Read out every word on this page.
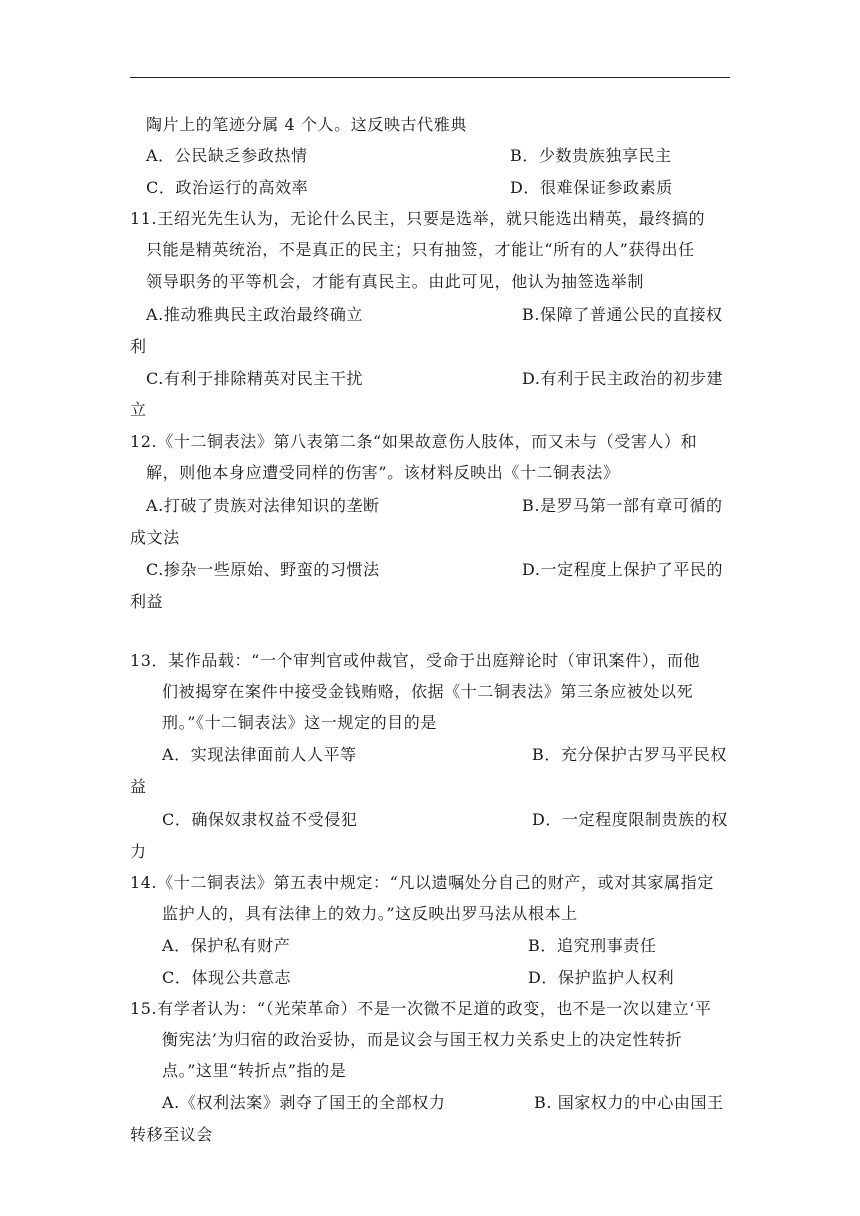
陶片上的笔迹分属 4 个人。这反映古代雅典
A．公民缺乏参政热情	B．少数贵族独享民主
C．政治运行的高效率	D．很难保证参政素质
11.王绍光先生认为，无论什么民主，只要是选举，就只能选出精英，最终搞的
只能是精英统治，不是真正的民主；只有抽签，才能让“所有的人”获得出任
领导职务的平等机会，才能有真民主。由此可见，他认为抽签选举制
A.推动雅典民主政治最终确立	B.保障了普通公民的直接权
利
C.有利于排除精英对民主干扰	D.有利于民主政治的初步建
立
12.《十二铜表法》第八表第二条“如果故意伤人肢体，而又未与（受害人）和
解，则他本身应遭受同样的伤害”。该材料反映出《十二铜表法》
A.打破了贵族对法律知识的垄断	B.是罗马第一部有章可循的
成文法
C.掺杂一些原始、野蛮的习惯法	D.一定程度上保护了平民的
利益
13．某作品载：“一个审判官或仲裁官，受命于出庭辩论时（审讯案件），而他
们被揭穿在案件中接受金钱贿赂，依据《十二铜表法》第三条应被处以死
刑。”《十二铜表法》这一规定的目的是
A．实现法律面前人人平等	B．充分保护古罗马平民权
益
C．确保奴隶权益不受侵犯	D．一定程度限制贵族的权
力
14.《十二铜表法》第五表中规定：“凡以遗嘱处分自己的财产，或对其家属指定
监护人的，具有法律上的效力。”这反映出罗马法从根本上
A．保护私有财产	B．追究刑事责任
C．体现公共意志	D．保护监护人权利
15.有学者认为：“（光荣革命）不是一次微不足道的政变，也不是一次以建立‘平
衡宪法’为归宿的政治妥协，而是议会与国王权力关系史上的决定性转折
点。”这里“转折点”指的是
A.《权利法案》剥夺了国王的全部权力	B. 国家权力的中心由国王
转移至议会
